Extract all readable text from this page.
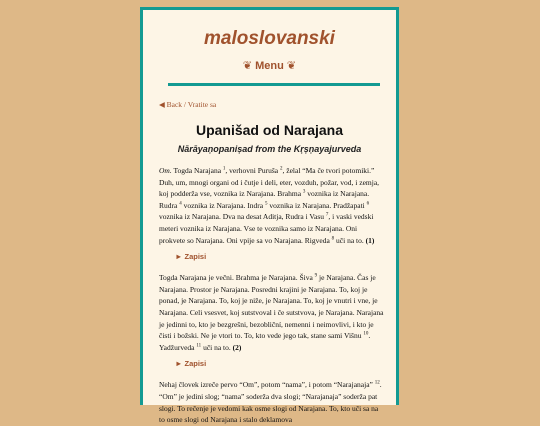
maloslovanski
❦ Menu ❦
◀ Back / Vratite sa
Upanišad od Narajana
Nārāyaṇopaniṣad from the Kṛṣṇayajurveda
Om. Togda Narajana $^1$, verhovni Puruša $^2$, želal “Ma če tvori potomiki.” Duh, um, mnogi organi od i čutje i deli, eter, vozduh, požar, vod, i zemja, koj podderža vse, voznika iz Narajana. Brahma $^3$ voznika iz Narajana. Rudra $^4$ voznika iz Narajana. Indra $^5$ voznika iz Narajana. Pradžapati $^6$ voznika iz Narajana. Dva na desat Aditja, Rudra i Vasu $^7$, i vaski vedski meteri voznika iz Narajana. Vse te voznika samo iz Narajana. Oni prokvete so Narajana. Oni vpije sa vo Narajana. Rigveda $^8$ uči na to. (1)
► Zapisi
Togda Narajana je večni. Brahma je Narajana. Šiva $^9$ je Narajana. Čas je Narajana. Prostor je Narajana. Posredni krajini je Narajana. To, koj je ponad, je Narajana. To, koj je niže, je Narajana. To, koj je vnutri i vne, je Narajana. Celi vsesvet, koj sutstvoval i če sutstvova, je Narajana. Narajana je jedinni to, kto je bezgrešni, bezobliční, nemenni i neimovlivi, i kto je čisti i božski. Ne je vtori to. To, kto vede jego tak, stane sami Višnu $^{10}$. Yadžurveda $^{11}$ uči na to. (2)
► Zapisi
Nehaj človek izreče pervo “Om”, potom “nama”, i potom “Narajanaja” $^{12}$. “Om” je jedini slog; “nama” soderža dva slogi; “Narajanaja” soderža pat slogi. To rečenje je vedomi kak osme slogi od Narajana. To, kto uči sa na to osme slogi od Narajana i stalo deklamova
